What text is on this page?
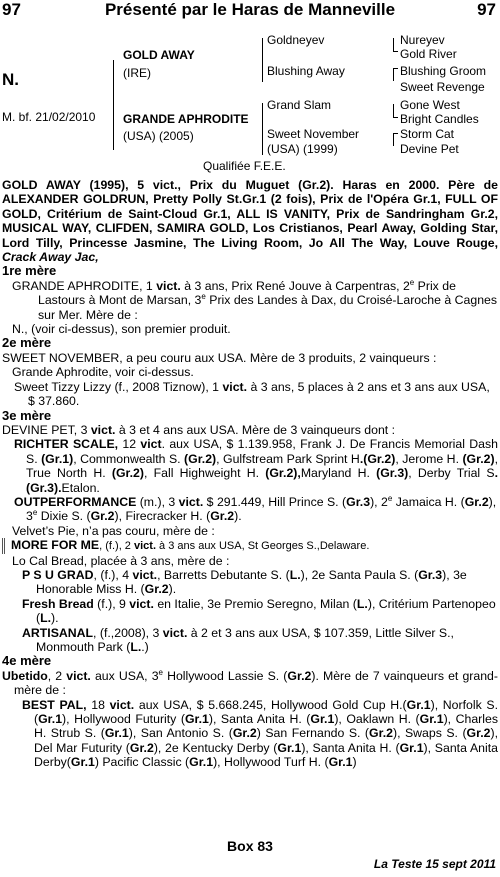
97	Présenté par le Haras de Manneville	97
N.
M. bf. 21/02/2010
GOLD AWAY
(IRE)
GRANDE APHRODITE
(USA) (2005)
Goldneyev
Blushing Away
Grand Slam
Sweet November
(USA) (1999)
Nureyev
Gold River
Blushing Groom
Sweet Revenge
Gone West
Bright Candles
Storm Cat
Devine Pet
Qualifiée F.E.E.

GOLD AWAY (1995), 5 vict., Prix du Muguet (Gr.2). Haras en 2000. Père de ALEXANDER GOLDRUN, Pretty Polly St.Gr.1 (2 fois), Prix de l'Opéra Gr.1, FULL OF GOLD, Critérium de Saint-Cloud Gr.1, ALL IS VANITY, Prix de Sandringham Gr.2, MUSICAL WAY, CLIFDEN, SAMIRA GOLD, Los Cristianos, Pearl Away, Golding Star, Lord Tilly, Princesse Jasmine, The Living Room, Jo All The Way, Louve Rouge, Crack Away Jac,

1re mère

GRANDE APHRODITE, 1 vict. à 3 ans, Prix René Jouve à Carpentras, 2e Prix de Lastours à Mont de Marsan, 3e Prix des Landes à Dax, du Croisé-Laroche à Cagnes sur Mer. Mère de :

N., (voir ci-dessus), son premier produit.

2e mère

SWEET NOVEMBER, a peu couru aux USA. Mère de 3 produits, 2 vainqueurs :

Grande Aphrodite, voir ci-dessus.

Sweet Tizzy Lizzy (f., 2008 Tiznow), 1 vict. à 3 ans, 5 places à 2 ans et 3 ans aux USA, $ 37.860.

3e mère

DEVINE PET, 3 vict. à 3 et 4 ans aux USA. Mère de 3 vainqueurs dont :

RICHTER SCALE, 12 vict. aux USA, $ 1.139.958, Frank J. De Francis Memorial Dash S. (Gr.1), Commonwealth S. (Gr.2), Gulfstream Park Sprint H.(Gr.2), Jerome H. (Gr.2), True North H. (Gr.2), Fall Highweight H. (Gr.2),Maryland H. (Gr.3), Derby Trial S.(Gr.3).Etalon.

OUTPERFORMANCE (m.), 3 vict. $ 291.449, Hill Prince S. (Gr.3), 2e Jamaica H. (Gr.2), 3e Dixie S. (Gr.2), Firecracker H. (Gr.2).

Velvet’s Pie, n’a pas couru, mère de :

MORE FOR ME, (f.), 2 vict. à 3 ans aux USA, St Georges S.,Delaware.

Lo Cal Bread, placée à 3 ans, mère de :

P S U GRAD, (f.), 4 vict., Barretts Debutante S. (L.), 2e Santa Paula S. (Gr.3), 3e Honorable Miss H. (Gr.2).

Fresh Bread (f.), 9 vict. en Italie, 3e Premio Seregno, Milan (L.), Critérium Partenopeo (L.).

ARTISANAL, (f.,2008), 3 vict. à 2 et 3 ans aux USA, $ 107.359, Little Silver S., Monmouth Park (L..)

4e mère

Ubetido, 2 vict. aux USA, 3e Hollywood Lassie S. (Gr.2). Mère de 7 vainqueurs et grand-mère de :

BEST PAL, 18 vict. aux USA, $ 5.668.245, Hollywood Gold Cup H.(Gr.1), Norfolk S. (Gr.1), Hollywood Futurity (Gr.1), Santa Anita H. (Gr.1), Oaklawn H. (Gr.1), Charles H. Strub S. (Gr.1), San Antonio S. (Gr.2) San Fernando S. (Gr.2), Swaps S. (Gr.2), Del Mar Futurity (Gr.2), 2e Kentucky Derby (Gr.1), Santa Anita H. (Gr.1), Santa Anita Derby(Gr.1) Pacific Classic (Gr.1), Hollywood Turf H. (Gr.1)

Box 83
La Teste 15 sept 2011
